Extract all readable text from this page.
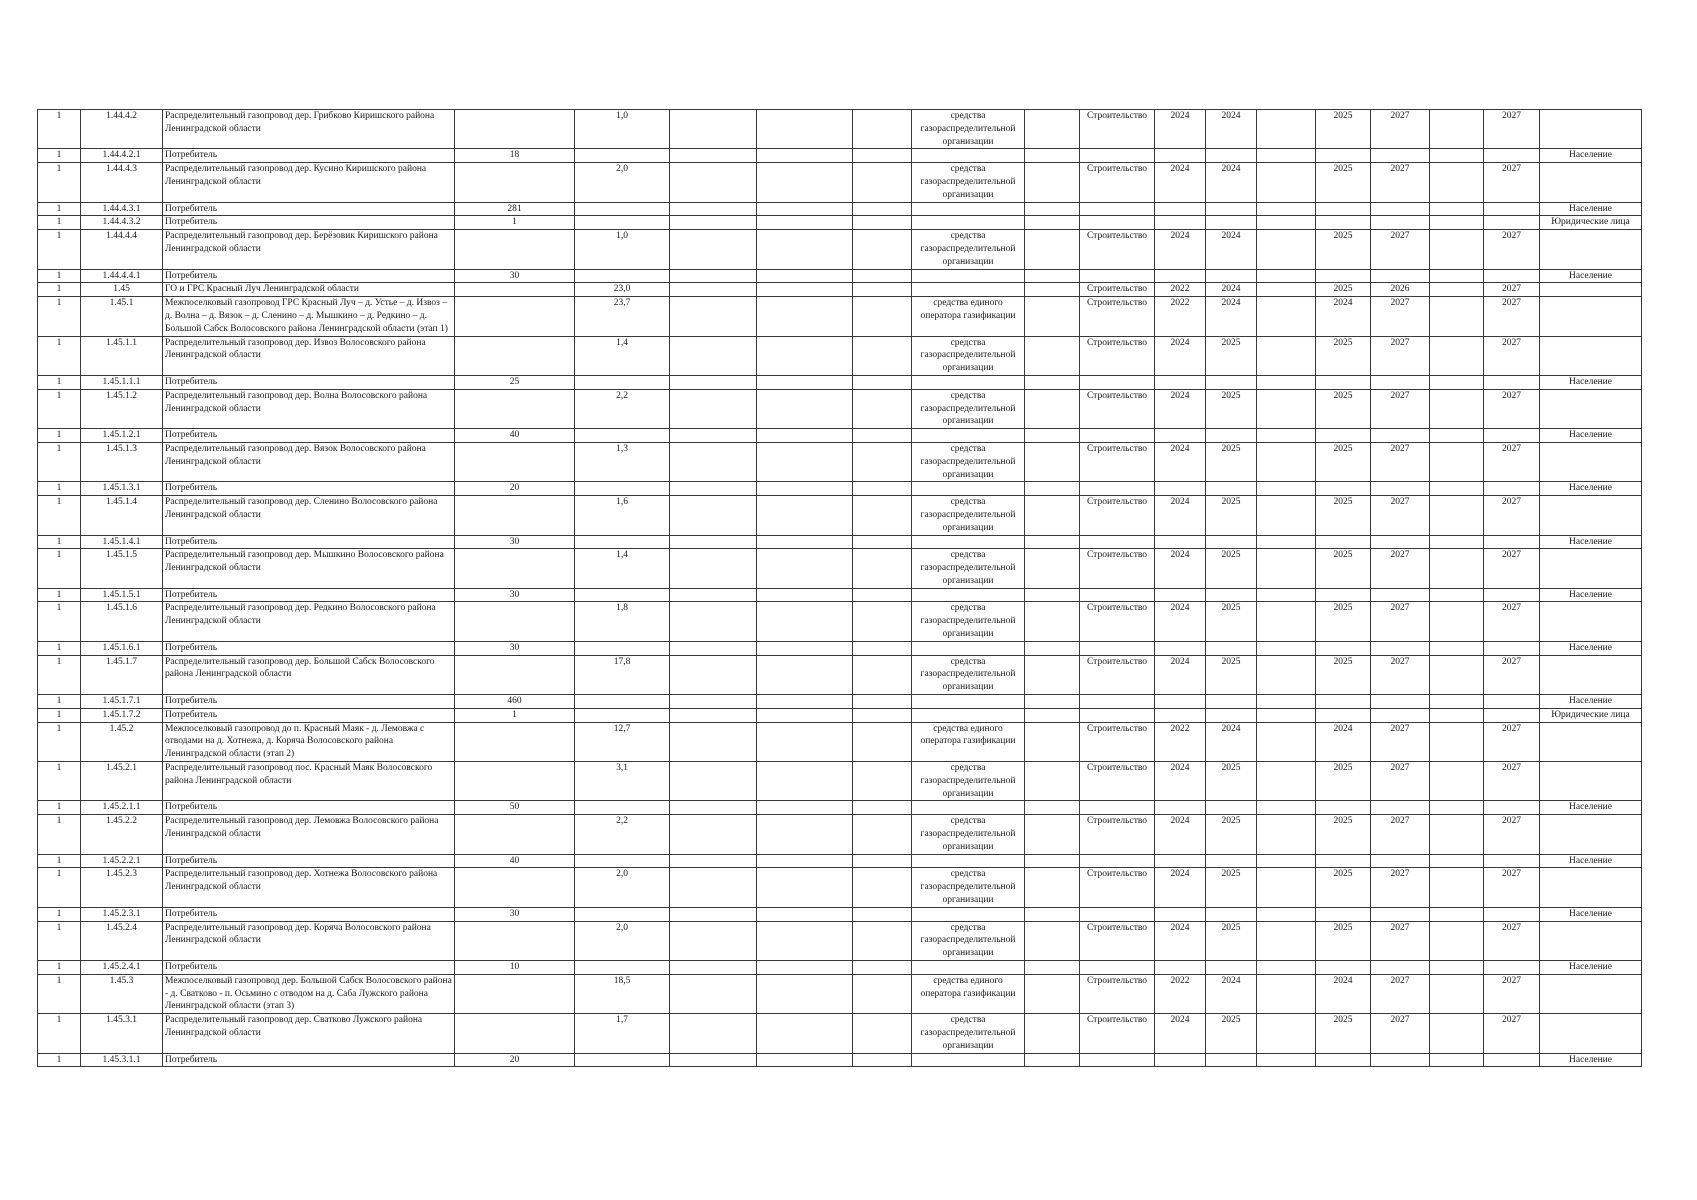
1	1.44.4.2	Распределительный газопровод дер. Грибково Киришского района Ленинградской области		1,0				средства газораспределительной организации		Строительство	2024	2024		2025	2027		2027	
1	1.44.4.2.1	Потребитель	18															Население
1	1.44.4.3	Распределительный газопровод дер. Кусино Киришского района Ленинградской области		2,0				средства газораспределительной организации		Строительство	2024	2024		2025	2027		2027	
1	1.44.4.3.1	Потребитель	281															Население
1	1.44.4.3.2	Потребитель	1															Юридические лица
1	1.44.4.4	Распределительный газопровод дер. Берёзовик Киришского района Ленинградской области		1,0				средства газораспределительной организации		Строительство	2024	2024		2025	2027		2027	
1	1.44.4.4.1	Потребитель	30															Население
1	1.45	ГО и ГРС Красный Луч Ленинградской области		23,0						Строительство	2022	2024		2025	2026		2027	
1	1.45.1	Межпоселковый газопровод ГРС Красный Луч – д. Устье – д. Извоз – д. Волна – д. Вязок – д. Сленино – д. Мышкино – д. Редкино – д. Большой Сабск Волосовского района Ленинградской области (этап 1)		23,7				средства единого оператора газификации		Строительство	2022	2024		2024	2027		2027	
1	1.45.1.1	Распределительный газопровод дер. Извоз Волосовского района Ленинградской области		1,4				средства газораспределительной организации		Строительство	2024	2025		2025	2027		2027	
1	1.45.1.1.1	Потребитель	25															Население
1	1.45.1.2	Распределительный газопровод дер. Волна Волосовского района Ленинградской области		2,2				средства газораспределительной организации		Строительство	2024	2025		2025	2027		2027	
1	1.45.1.2.1	Потребитель	40															Население
1	1.45.1.3	Распределительный газопровод дер. Вязок Волосовского района Ленинградской области		1,3				средства газораспределительной организации		Строительство	2024	2025		2025	2027		2027	
1	1.45.1.3.1	Потребитель	20															Население
1	1.45.1.4	Распределительный газопровод дер. Сленино Волосовского района Ленинградской области		1,6				средства газораспределительной организации		Строительство	2024	2025		2025	2027		2027	
1	1.45.1.4.1	Потребитель	30															Население
1	1.45.1.5	Распределительный газопровод дер. Мышкино Волосовского района Ленинградской области		1,4				средства газораспределительной организации		Строительство	2024	2025		2025	2027		2027	
1	1.45.1.5.1	Потребитель	30															Население
1	1.45.1.6	Распределительный газопровод дер. Редкино Волосовского района Ленинградской области		1,8				средства газораспределительной организации		Строительство	2024	2025		2025	2027		2027	
1	1.45.1.6.1	Потребитель	30															Население
1	1.45.1.7	Распределительный газопровод дер. Большой Сабск Волосовского района Ленинградской области		17,8				средства газораспределительной организации		Строительство	2024	2025		2025	2027		2027	
1	1.45.1.7.1	Потребитель	460															Население
1	1.45.1.7.2	Потребитель	1															Юридические лица
1	1.45.2	Межпоселковый газопровод до п. Красный Маяк - д. Лемовжа с отводами на д. Хотнежа, д. Коряча Волосовского района Ленинградской области (этап 2)		12,7				средства единого оператора газификации		Строительство	2022	2024		2024	2027		2027	
1	1.45.2.1	Распределительный газопровод пос. Красный Маяк Волосовского района Ленинградской области		3,1				средства газораспределительной организации		Строительство	2024	2025		2025	2027		2027	
1	1.45.2.1.1	Потребитель	50															Население
1	1.45.2.2	Распределительный газопровод дер. Лемовжа Волосовского района Ленинградской области		2,2				средства газораспределительной организации		Строительство	2024	2025		2025	2027		2027	
1	1.45.2.2.1	Потребитель	40															Население
1	1.45.2.3	Распределительный газопровод дер. Хотнежа Волосовского района Ленинградской области		2,0				средства газораспределительной организации		Строительство	2024	2025		2025	2027		2027	
1	1.45.2.3.1	Потребитель	30															Население
1	1.45.2.4	Распределительный газопровод дер. Коряча Волосовского района Ленинградской области		2,0				средства газораспределительной организации		Строительство	2024	2025		2025	2027		2027	
1	1.45.2.4.1	Потребитель	10															Население
1	1.45.3	Межпоселковый газопровод дер. Большой Сабск Волосовского района - д. Сватково - п. Осьмино с отводом на д. Саба Лужского района Ленинградской области (этап 3)		18,5				средства единого оператора газификации		Строительство	2022	2024		2024	2027		2027	
1	1.45.3.1	Распределительный газопровод дер. Сватково Лужского района Ленинградской области		1,7				средства газораспределительной организации		Строительство	2024	2025		2025	2027		2027	
1	1.45.3.1.1	Потребитель	20															Население
